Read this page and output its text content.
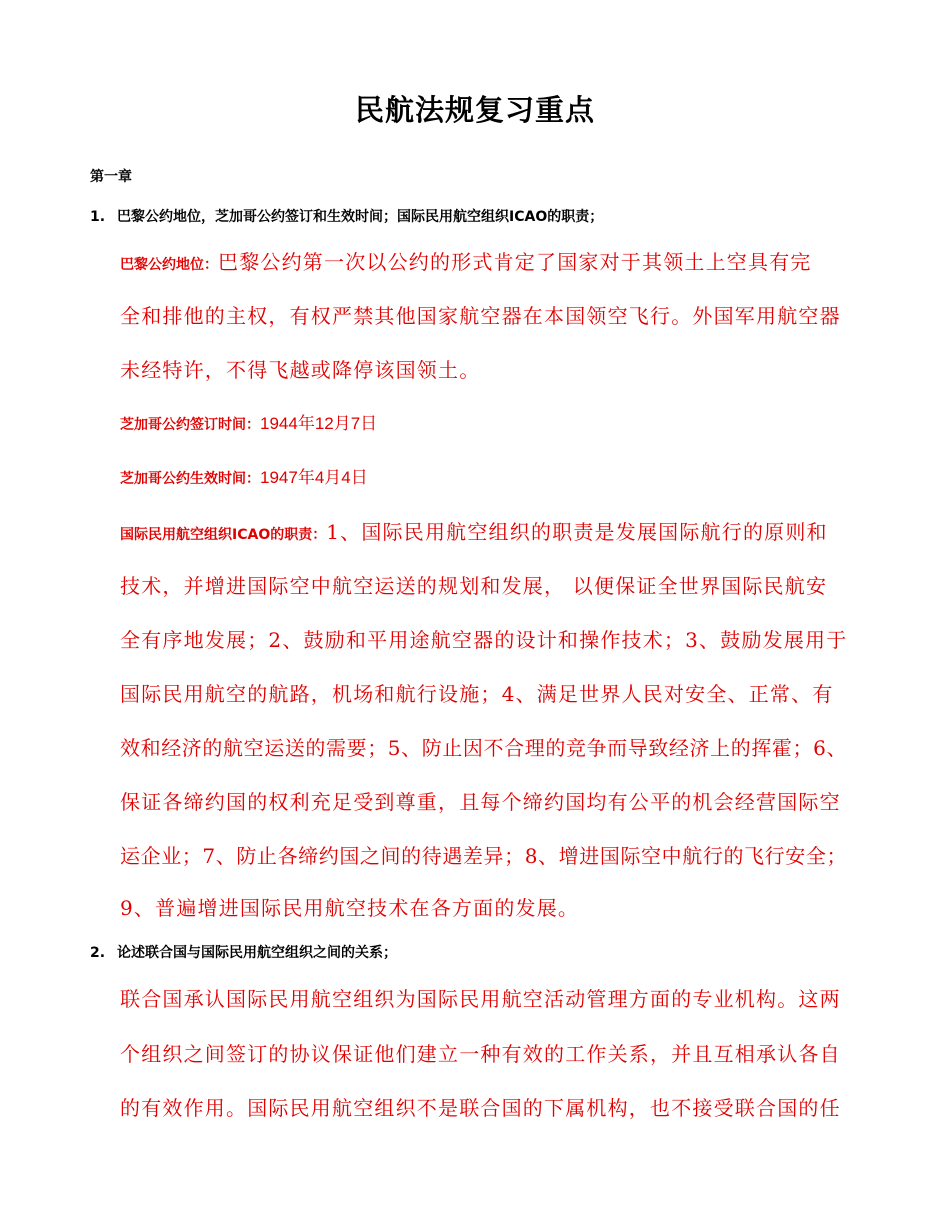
民航法规复习重点
第一章
1. 巴黎公约地位，芝加哥公约签订和生效时间；国际民用航空组织ICAO的职责；
巴黎公约地位：巴黎公约第一次以公约的形式肯定了国家对于其领土上空具有完
全和排他的主权，有权严禁其他国家航空器在本国领空飞行。外国军用航空器
未经特许，不得飞越或降停该国领土。
芝加哥公约签订时间：1944年12月7日
芝加哥公约生效时间：1947年4月4日
国际民用航空组织ICAO的职责：1、国际民用航空组织的职责是发展国际航行的原则和
技术，并增进国际空中航空运送的规划和发展， 以便保证全世界国际民航安
全有序地发展；2、鼓励和平用途航空器的设计和操作技术；3、鼓励发展用于
国际民用航空的航路，机场和航行设施；4、满足世界人民对安全、正常、有
效和经济的航空运送的需要；5、防止因不合理的竞争而导致经济上的挥霍；6、
保证各缔约国的权利充足受到尊重，且每个缔约国均有公平的机会经营国际空
运企业；7、防止各缔约国之间的待遇差异；8、增进国际空中航行的飞行安全；
9、普遍增进国际民用航空技术在各方面的发展。
2. 论述联合国与国际民用航空组织之间的关系；
联合国承认国际民用航空组织为国际民用航空活动管理方面的专业机构。这两
个组织之间签订的协议保证他们建立一种有效的工作关系，并且互相承认各自
的有效作用。国际民用航空组织不是联合国的下属机构，也不接受联合国的任
